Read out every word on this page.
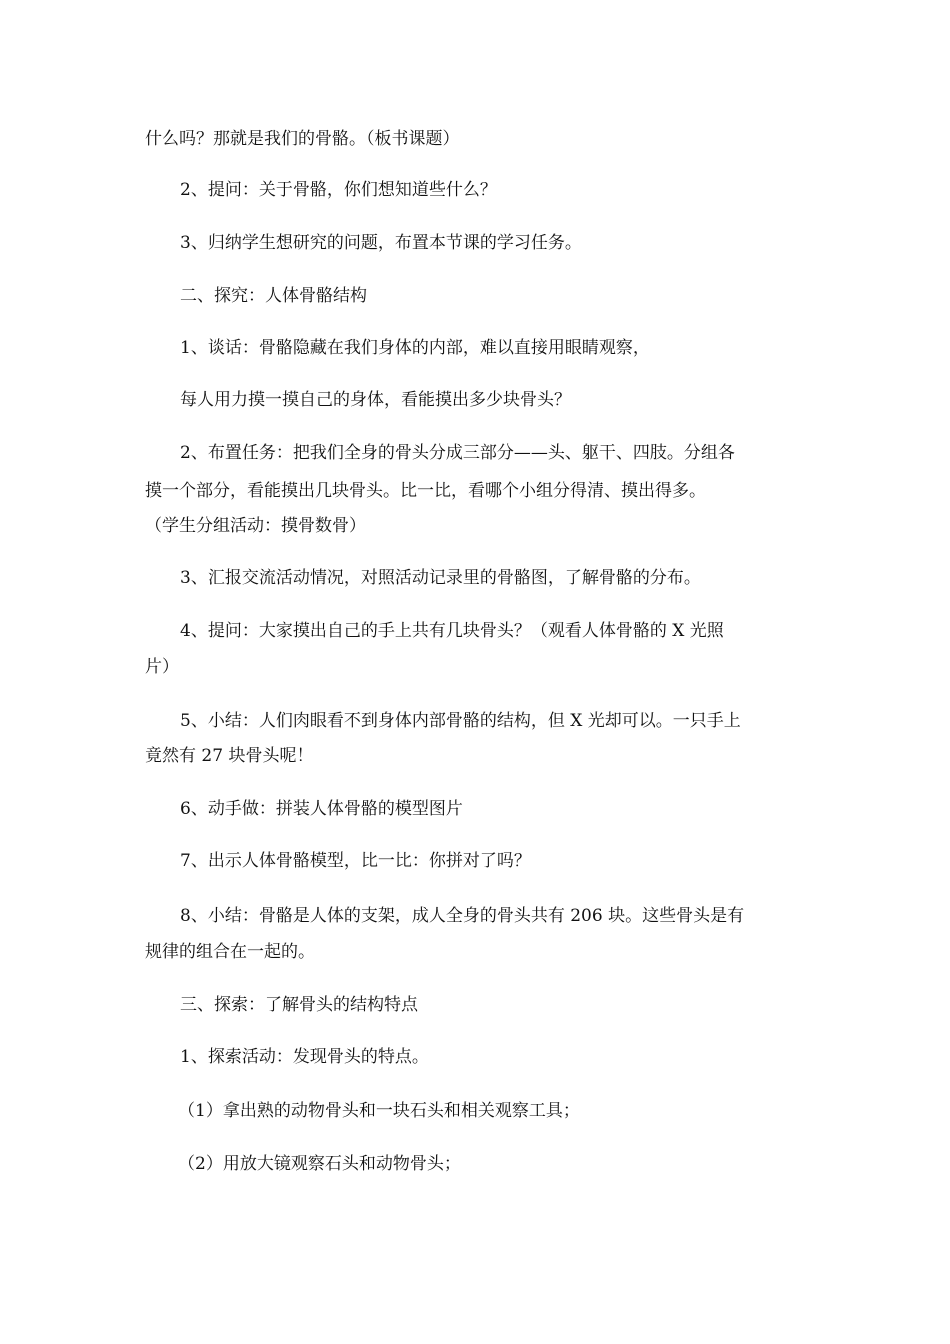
什么吗？那就是我们的骨骼。（板书课题）
2、提问：关于骨骼，你们想知道些什么？
3、归纳学生想研究的问题，布置本节课的学习任务。
二、探究：人体骨骼结构
1、谈话：骨骼隐藏在我们身体的内部，难以直接用眼睛观察，
每人用力摸一摸自己的身体，看能摸出多少块骨头？
2、布置任务：把我们全身的骨头分成三部分——头、躯干、四肢。分组各
摸一个部分，看能摸出几块骨头。比一比，看哪个小组分得清、摸出得多。
（学生分组活动：摸骨数骨）
3、汇报交流活动情况，对照活动记录里的骨骼图，了解骨骼的分布。
4、提问：大家摸出自己的手上共有几块骨头？（观看人体骨骼的 X 光照
片）
5、小结：人们肉眼看不到身体内部骨骼的结构，但 X 光却可以。一只手上
竟然有 27 块骨头呢！
6、动手做：拼装人体骨骼的模型图片
7、出示人体骨骼模型，比一比：你拼对了吗？
8、小结：骨骼是人体的支架，成人全身的骨头共有 206 块。这些骨头是有
规律的组合在一起的。
三、探索：了解骨头的结构特点
1、探索活动：发现骨头的特点。
（1）拿出熟的动物骨头和一块石头和相关观察工具；
（2）用放大镜观察石头和动物骨头；
